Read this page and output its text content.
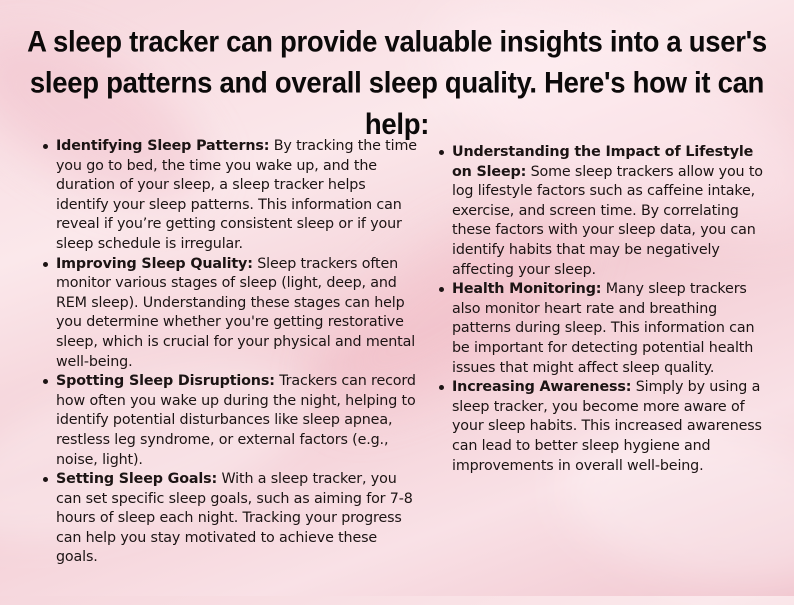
A sleep tracker can provide valuable insights into a user's sleep patterns and overall sleep quality. Here's how it can help:
Identifying Sleep Patterns: By tracking the time you go to bed, the time you wake up, and the duration of your sleep, a sleep tracker helps identify your sleep patterns. This information can reveal if you’re getting consistent sleep or if your sleep schedule is irregular.
Improving Sleep Quality: Sleep trackers often monitor various stages of sleep (light, deep, and REM sleep). Understanding these stages can help you determine whether you're getting restorative sleep, which is crucial for your physical and mental well-being.
Spotting Sleep Disruptions: Trackers can record how often you wake up during the night, helping to identify potential disturbances like sleep apnea, restless leg syndrome, or external factors (e.g., noise, light).
Setting Sleep Goals: With a sleep tracker, you can set specific sleep goals, such as aiming for 7-8 hours of sleep each night. Tracking your progress can help you stay motivated to achieve these goals.
Understanding the Impact of Lifestyle on Sleep: Some sleep trackers allow you to log lifestyle factors such as caffeine intake, exercise, and screen time. By correlating these factors with your sleep data, you can identify habits that may be negatively affecting your sleep.
Health Monitoring: Many sleep trackers also monitor heart rate and breathing patterns during sleep. This information can be important for detecting potential health issues that might affect sleep quality.
Increasing Awareness: Simply by using a sleep tracker, you become more aware of your sleep habits. This increased awareness can lead to better sleep hygiene and improvements in overall well-being.
